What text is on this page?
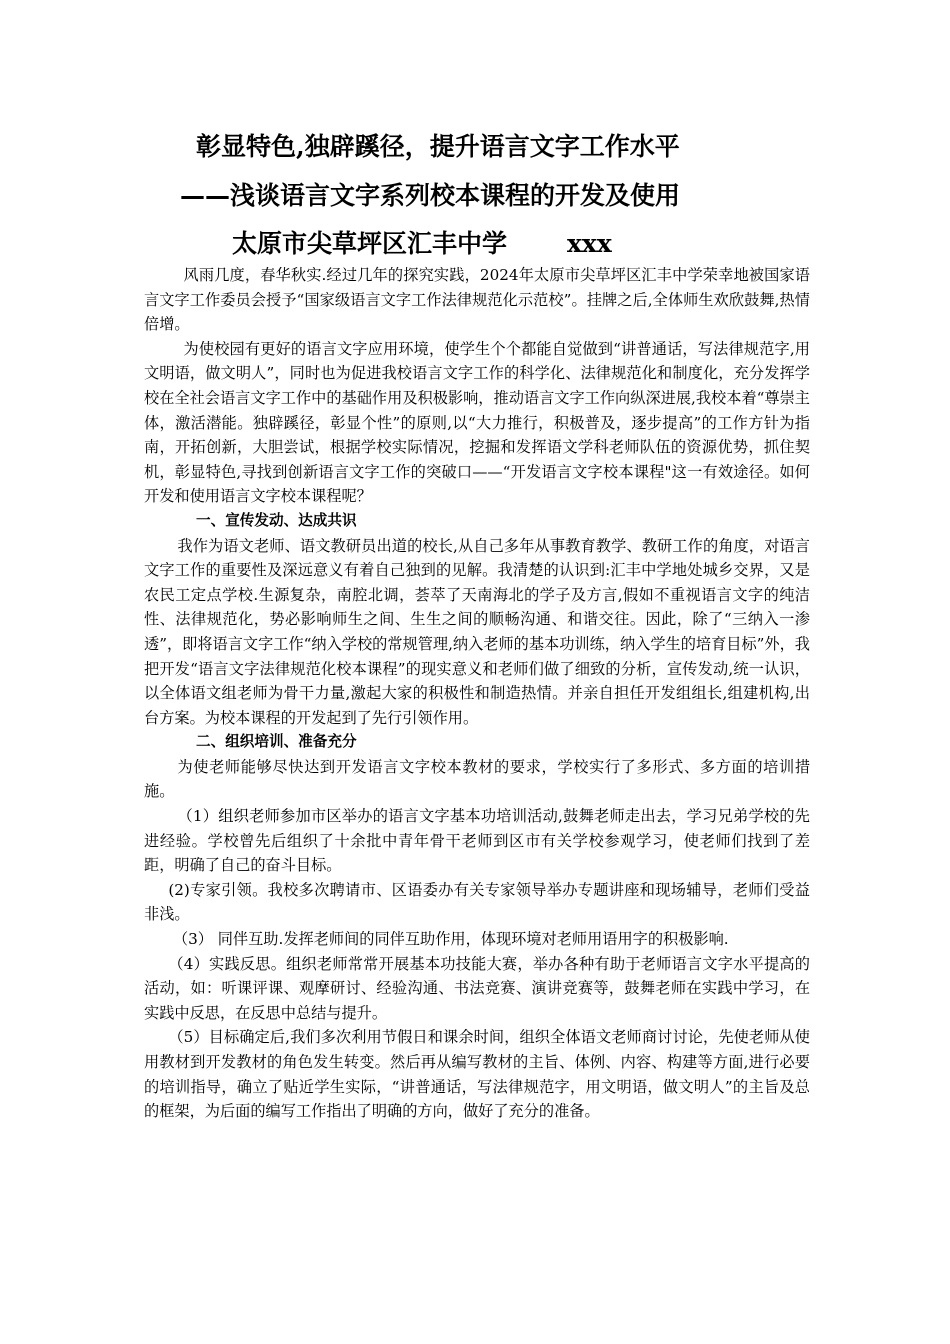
彰显特色,独辟蹊径，提升语言文字工作水平
——浅谈语言文字系列校本课程的开发及使用
太原市尖草坪区汇丰中学 xxx

风雨几度，春华秋实.经过几年的探究实践，2024年太原市尖草坪区汇丰中学荣幸地被国家语言文字工作委员会授予“国家级语言文字工作法律规范化示范校”。挂牌之后,全体师生欢欣鼓舞,热情倍增。

为使校园有更好的语言文字应用环境，使学生个个都能自觉做到“讲普通话，写法律规范字,用文明语，做文明人”，同时也为促进我校语言文字工作的科学化、法律规范化和制度化，充分发挥学校在全社会语言文字工作中的基础作用及积极影响，推动语言文字工作向纵深进展,我校本着“尊崇主体，激活潜能。独辟蹊径，彰显个性”的原则,以“大力推行，积极普及，逐步提高”的工作方针为指南，开拓创新，大胆尝试，根据学校实际情况，挖掘和发挥语文学科老师队伍的资源优势，抓住契机，彰显特色,寻找到创新语言文字工作的突破口——“开发语言文字校本课程"这一有效途径。如何开发和使用语言文字校本课程呢？

一、宣传发动、达成共识

我作为语文老师、语文教研员出道的校长,从自己多年从事教育教学、教研工作的角度，对语言文字工作的重要性及深远意义有着自己独到的见解。我清楚的认识到:汇丰中学地处城乡交界，又是农民工定点学校.生源复杂，南腔北调，荟萃了天南海北的学子及方言,假如不重视语言文字的纯洁性、法律规范化，势必影响师生之间、生生之间的顺畅沟通、和谐交往。因此，除了“三纳入一渗透”，即将语言文字工作“纳入学校的常规管理,纳入老师的基本功训练，纳入学生的培育目标”外，我把开发“语言文字法律规范化校本课程”的现实意义和老师们做了细致的分析，宣传发动,统一认识，以全体语文组老师为骨干力量,激起大家的积极性和制造热情。并亲自担任开发组组长,组建机构,出台方案。为校本课程的开发起到了先行引领作用。

二、组织培训、准备充分

为使老师能够尽快达到开发语言文字校本教材的要求，学校实行了多形式、多方面的培训措施。

（1）组织老师参加市区举办的语言文字基本功培训活动,鼓舞老师走出去，学习兄弟学校的先进经验。学校曾先后组织了十余批中青年骨干老师到区市有关学校参观学习，使老师们找到了差距，明确了自己的奋斗目标。

(2)专家引领。我校多次聘请市、区语委办有关专家领导举办专题讲座和现场辅导，老师们受益非浅。

（3） 同伴互助.发挥老师间的同伴互助作用，体现环境对老师用语用字的积极影响.

（4）实践反思。组织老师常常开展基本功技能大赛，举办各种有助于老师语言文字水平提高的活动，如：听课评课、观摩研讨、经验沟通、书法竞赛、演讲竞赛等，鼓舞老师在实践中学习，在实践中反思，在反思中总结与提升。

（5）目标确定后,我们多次利用节假日和课余时间，组织全体语文老师商讨讨论，先使老师从使用教材到开发教材的角色发生转变。然后再从编写教材的主旨、体例、内容、构建等方面,进行必要的培训指导，确立了贴近学生实际，“讲普通话，写法律规范字，用文明语，做文明人”的主旨及总的框架，为后面的编写工作指出了明确的方向，做好了充分的准备。
